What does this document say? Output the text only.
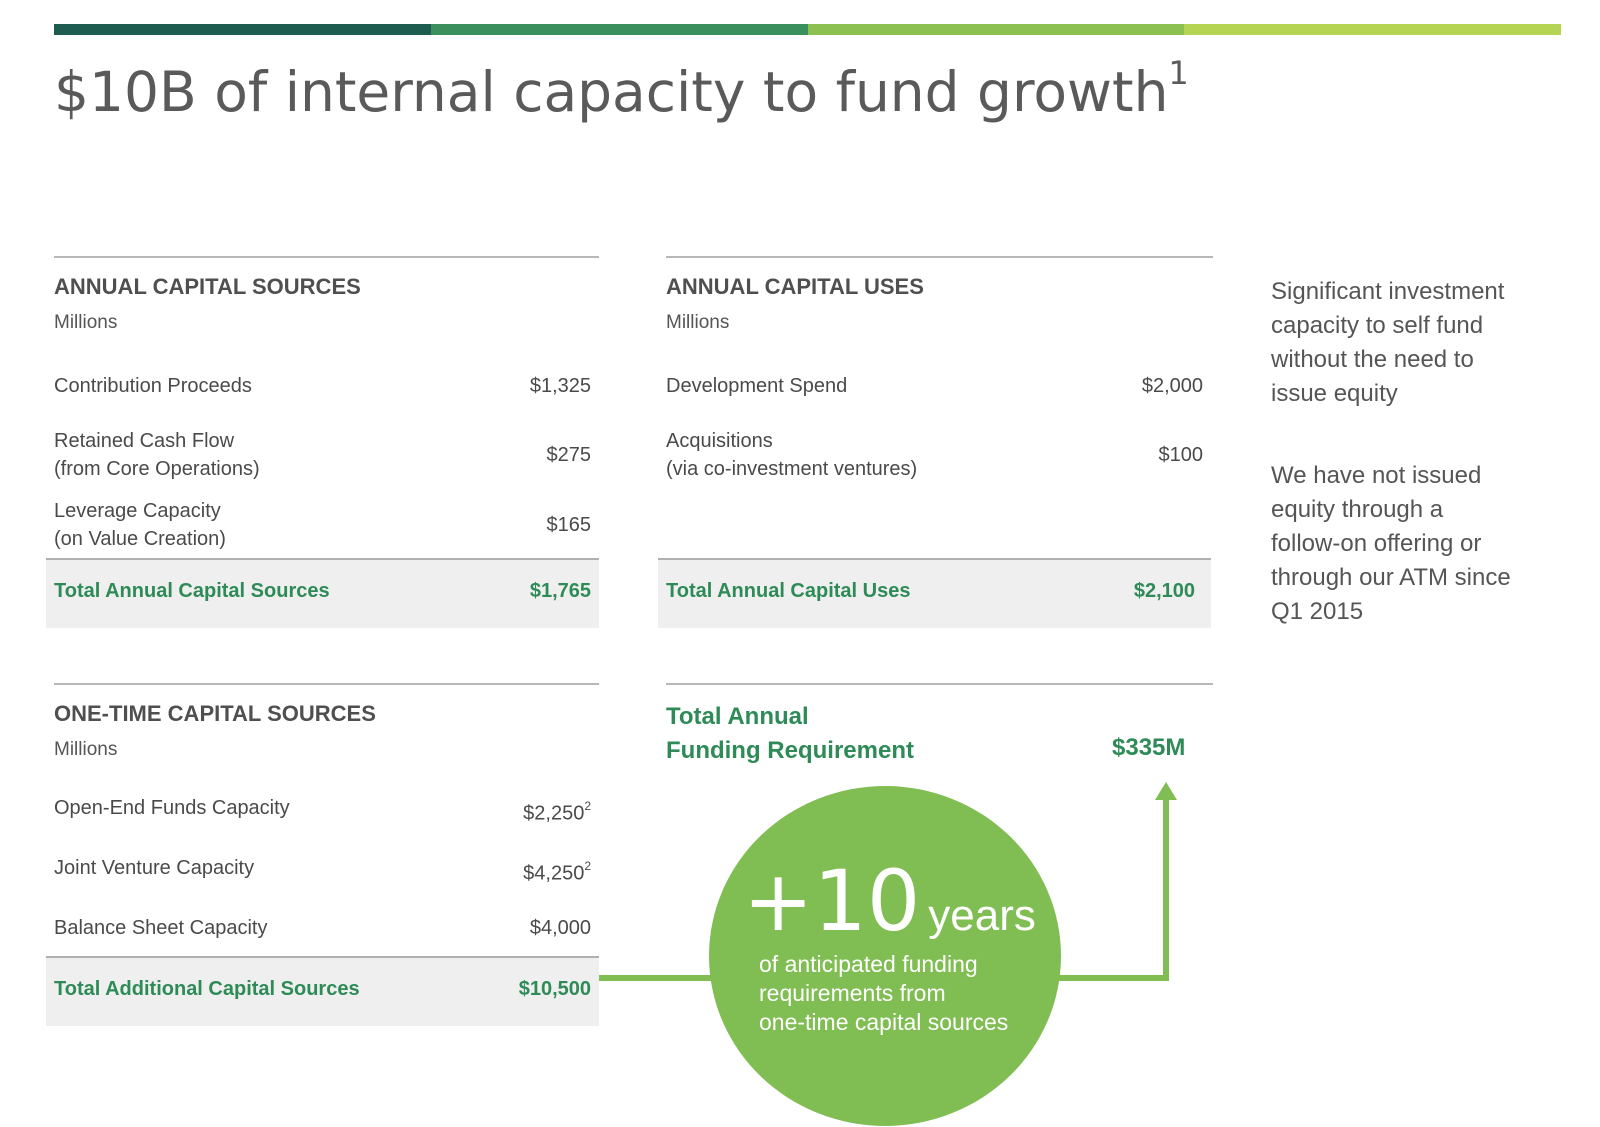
$10B of internal capacity to fund growth$^1$
ANNUAL CAPITAL SOURCES
Millions
Contribution Proceeds	$1,325
Retained Cash Flow
(from Core Operations)
$275
Leverage Capacity
(on Value Creation)
$165
Total Annual Capital Sources	$1,765
ANNUAL CAPITAL USES
Millions
Development Spend	$2,000
Acquisitions
(via co-investment ventures)
$100
Total Annual Capital Uses	$2,100
Significant investment
capacity to self fund
without the need to
issue equity
We have not issued
equity through a
follow-on offering or
through our ATM since
Q1 2015
ONE-TIME CAPITAL SOURCES
Millions
Open-End Funds Capacity	$2,250$^2$
Joint Venture Capacity	$4,250$^2$
Balance Sheet Capacity	$4,000
Total Additional Capital Sources	$10,500
Total Annual
Funding Requirement	$335M
+10 years
of anticipated funding
requirements from
one-time capital sources
